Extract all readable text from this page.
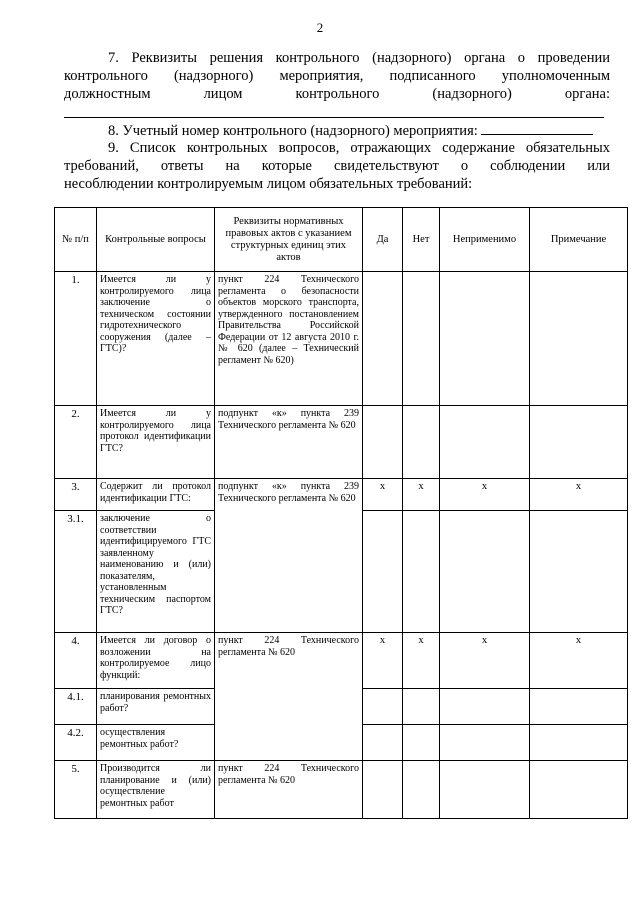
2
7. Реквизиты решения контрольного (надзорного) органа о проведении
контрольного (надзорного) мероприятия, подписанного уполномоченным
должностным лицом контрольного (надзорного) органа:
8. Учетный номер контрольного (надзорного) мероприятия:
9. Список контрольных вопросов, отражающих содержание обязательных
требований, ответы на которые свидетельствуют о соблюдении или
несоблюдении контролируемым лицом обязательных требований:
№ п/п	Контрольные вопросы	Реквизиты нормативных правовых актов с указанием структурных единиц этих актов	Да	Нет	Неприменимо	Примечание
1.	Имеется ли у контролируемого лица заключение о техническом состоянии гидротехнического сооружения (далее – ГТС)?	пункт 224 Технического регламента о безопасности объектов морского транспорта, утвержденного постановлением Правительства Российской Федерации от 12 августа 2010 г. № 620 (далее – Технический регламент № 620)				
2.	Имеется ли у контролируемого лица протокол идентификации ГТС?	подпункт «к» пункта 239 Технического регламента № 620				
3.	Содержит ли протокол идентификации ГТС:	подпункт «к» пункта 239 Технического регламента № 620	x	x	x	x
3.1.	заключение о соответствии идентифицируемого ГТС заявленному наименованию и (или) показателям, установленным техническим паспортом ГТС?					
4.	Имеется ли договор о возложении на контролируемое лицо функций:	пункт 224 Технического регламента № 620	x	x	x	x
4.1.	планирования ремонтных работ?					
4.2.	осуществления ремонтных работ?					
5.	Производится ли планирование и (или) осуществление ремонтных работ	пункт 224 Технического регламента № 620				
